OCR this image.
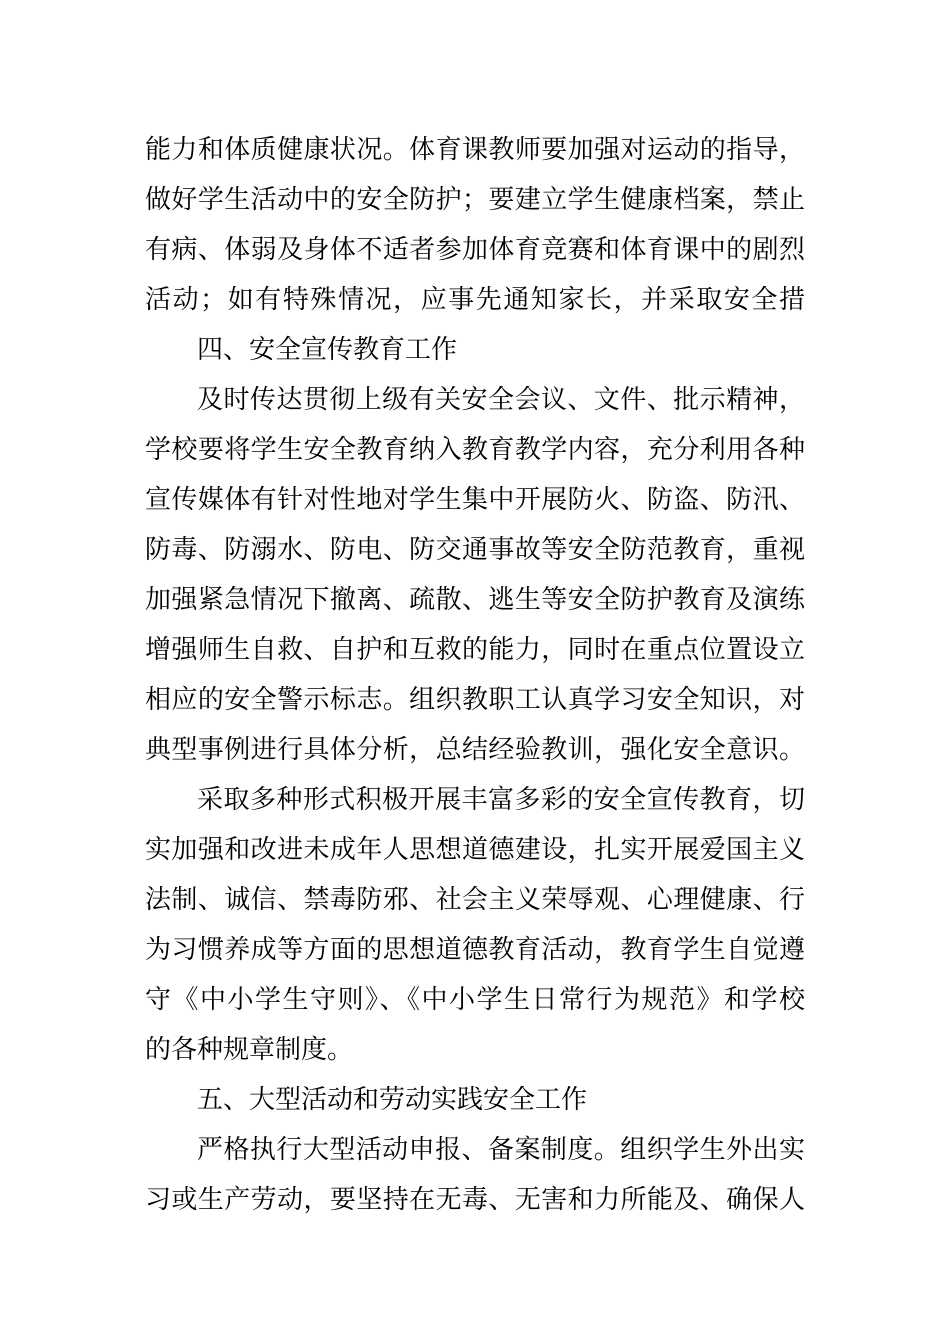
能力和体质健康状况。体育课教师要加强对运动的指导，
做好学生活动中的安全防护；要建立学生健康档案，禁止
有病、体弱及身体不适者参加体育竞赛和体育课中的剧烈
活动；如有特殊情况，应事先通知家长，并采取安全措
四、安全宣传教育工作
及时传达贯彻上级有关安全会议、文件、批示精神，
学校要将学生安全教育纳入教育教学内容，充分利用各种
宣传媒体有针对性地对学生集中开展防火、防盗、防汛、
防毒、防溺水、防电、防交通事故等安全防范教育，重视
加强紧急情况下撤离、疏散、逃生等安全防护教育及演练
增强师生自救、自护和互救的能力，同时在重点位置设立
相应的安全警示标志。组织教职工认真学习安全知识，对
典型事例进行具体分析，总结经验教训，强化安全意识。
采取多种形式积极开展丰富多彩的安全宣传教育，切
实加强和改进未成年人思想道德建设，扎实开展爱国主义
法制、诚信、禁毒防邪、社会主义荣辱观、心理健康、行
为习惯养成等方面的思想道德教育活动，教育学生自觉遵
守《中小学生守则》、《中小学生日常行为规范》和学校
的各种规章制度。
五、大型活动和劳动实践安全工作
严格执行大型活动申报、备案制度。组织学生外出实
习或生产劳动，要坚持在无毒、无害和力所能及、确保人
